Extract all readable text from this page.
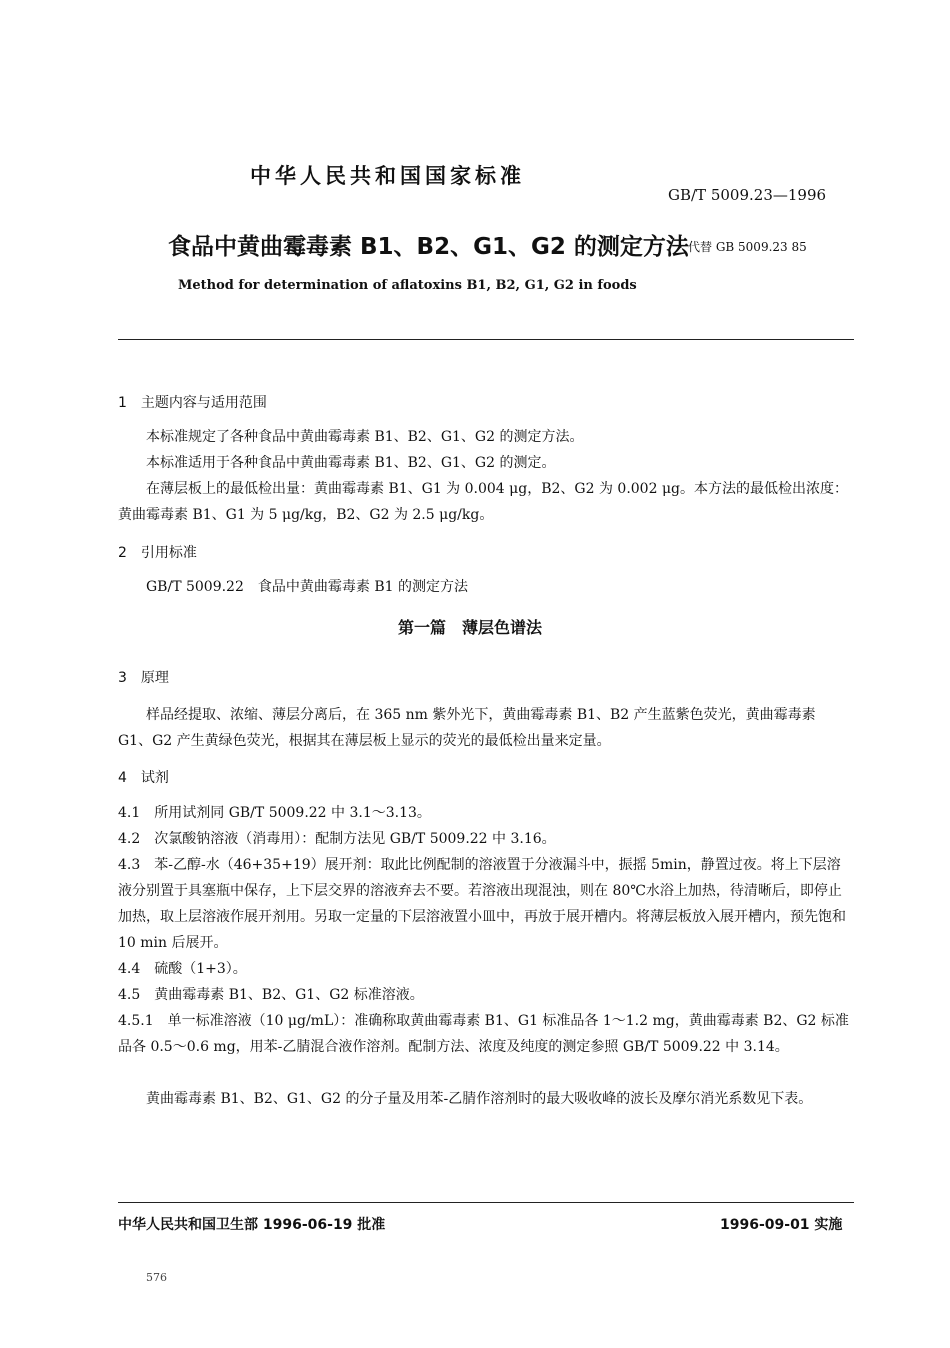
中华人民共和国国家标准
GB/T 5009.23—1996
食品中黄曲霉毒素 B1、B2、G1、G2 的测定方法 代替 GB 5009.23 85
Method for determination of aflatoxins B1, B2, G1, G2 in foods
1　主题内容与适用范围
本标准规定了各种食品中黄曲霉毒素 B1、B2、G1、G2 的测定方法。
本标准适用于各种食品中黄曲霉毒素 B1、B2、G1、G2 的测定。
在薄层板上的最低检出量：黄曲霉毒素 B1、G1 为 0.004 μg，B2、G2 为 0.002 μg。本方法的最低检出浓度：黄曲霉毒素 B1、G1 为 5 μg/kg，B2、G2 为 2.5 μg/kg。
2　引用标准
GB/T 5009.22　食品中黄曲霉毒素 B1 的测定方法
第一篇　薄层色谱法
3　原理
样品经提取、浓缩、薄层分离后，在 365 nm 紫外光下，黄曲霉毒素 B1、B2 产生蓝紫色荧光，黄曲霉毒素 G1、G2 产生黄绿色荧光，根据其在薄层板上显示的荧光的最低检出量来定量。
4　试剂
4.1　所用试剂同 GB/T 5009.22 中 3.1～3.13。
4.2　次氯酸钠溶液（消毒用）：配制方法见 GB/T 5009.22 中 3.16。
4.3　苯-乙醇-水（46+35+19）展开剂：取此比例配制的溶液置于分液漏斗中，振摇 5min，静置过夜。将上下层溶液分别置于具塞瓶中保存，上下层交界的溶液弃去不要。若溶液出现混浊，则在 80℃水浴上加热，待清晰后，即停止加热，取上层溶液作展开剂用。另取一定量的下层溶液置小皿中，再放于展开槽内。将薄层板放入展开槽内，预先饱和 10 min 后展开。
4.4　硫酸（1+3）。
4.5　黄曲霉毒素 B1、B2、G1、G2 标准溶液。
4.5.1　单一标准溶液（10 μg/mL）：准确称取黄曲霉毒素 B1、G1 标准品各 1～1.2 mg，黄曲霉毒素 B2、G2 标准品各 0.5～0.6 mg，用苯-乙腈混合液作溶剂。配制方法、浓度及纯度的测定参照 GB/T 5009.22 中 3.14。
黄曲霉毒素 B1、B2、G1、G2 的分子量及用苯-乙腈作溶剂时的最大吸收峰的波长及摩尔消光系数见下表。
中华人民共和国卫生部 1996-06-19 批准	1996-09-01 实施
576
